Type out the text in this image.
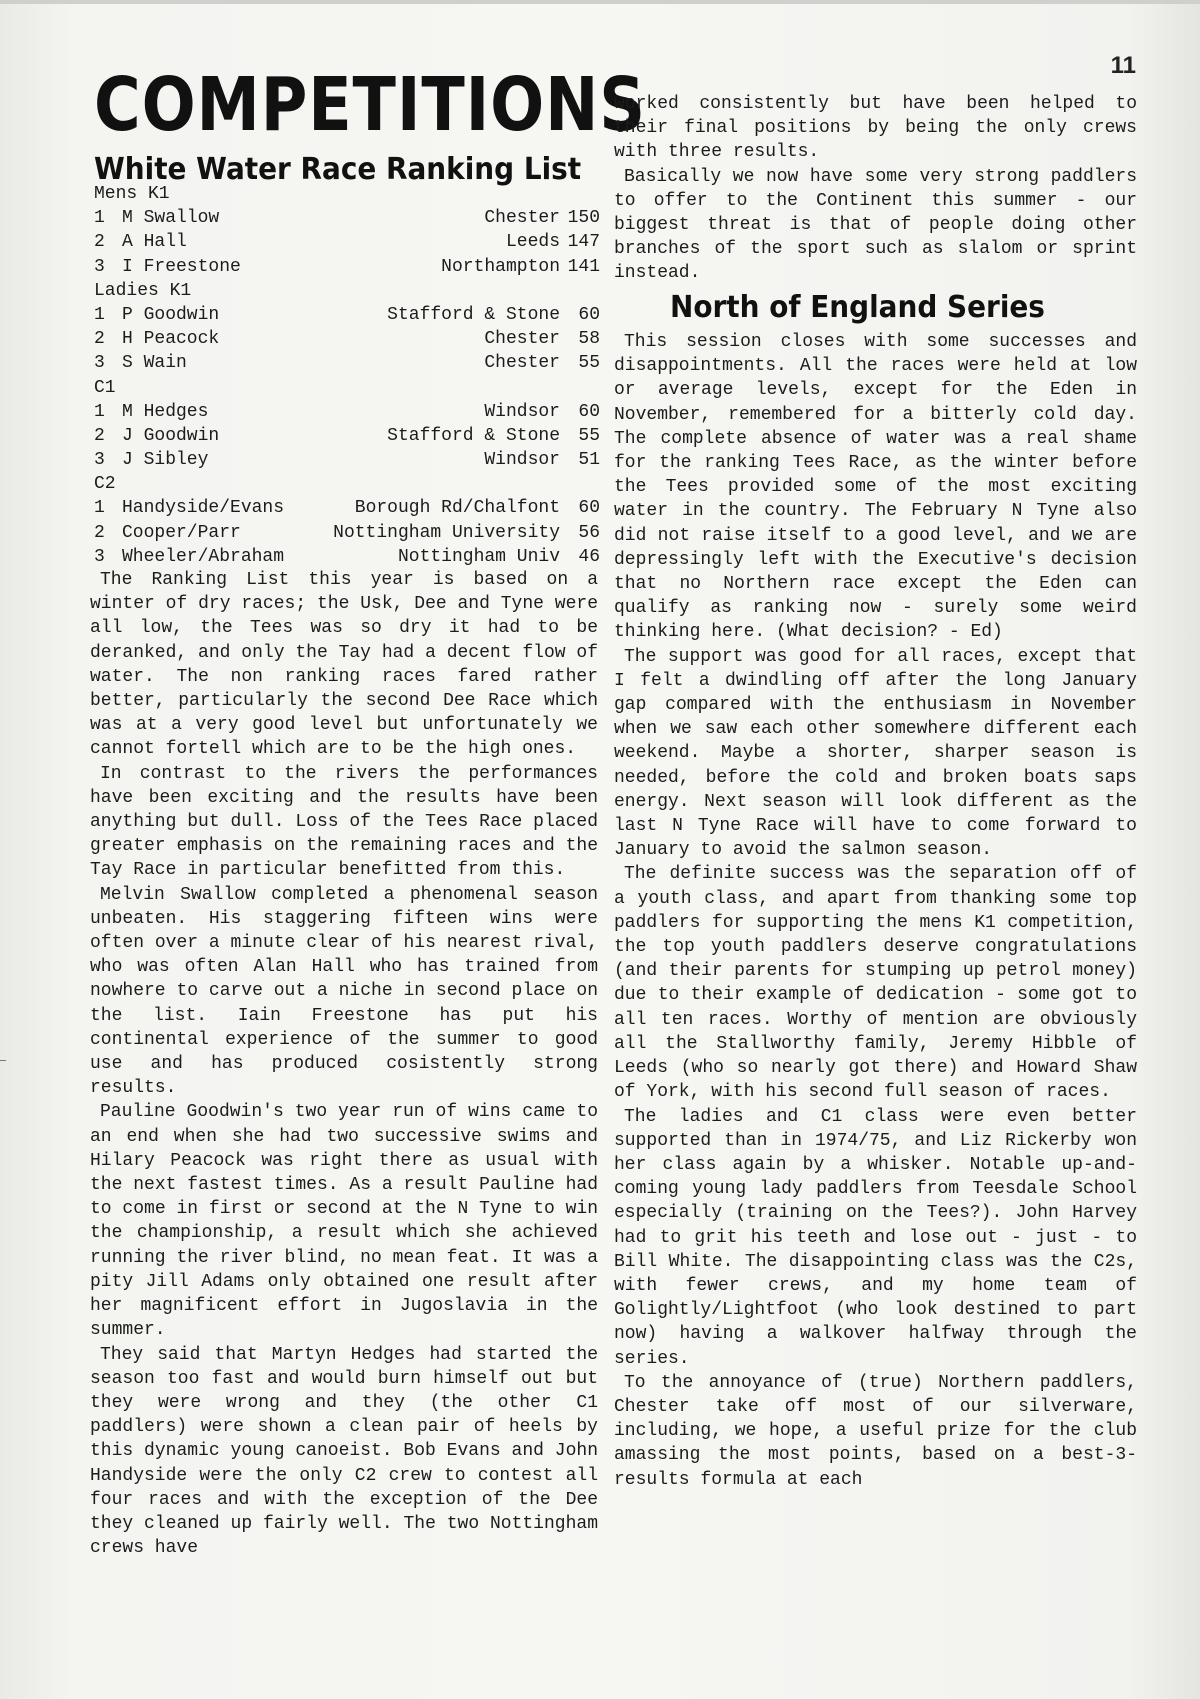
11
COMPETITIONS
White Water Race Ranking List
Mens K1
1 M Swallow	Chester 150
2 A Hall	Leeds 147
3 I Freestone	Northampton 141
Ladies K1
1 P Goodwin	Stafford & Stone	60
2 H Peacock	Chester	58
3 S Wain	Chester	55
C1
1 M Hedges	Windsor	60
2 J Goodwin	Stafford & Stone	55
3 J Sibley	Windsor	51
C2
1 Handyside/Evans	Borough Rd/Chalfont	60
2 Cooper/Parr	Nottingham University	56
3 Wheeler/Abraham	Nottingham Univ	46

The Ranking List this year is based on a winter of dry races; the Usk, Dee and Tyne were all low, the Tees was so dry it had to be deranked, and only the Tay had a decent flow of water. The non ranking races fared rather better, particularly the second Dee Race which was at a very good level but unfortunately we cannot fortell which are to be the high ones.

In contrast to the rivers the performances have been exciting and the results have been anything but dull. Loss of the Tees Race placed greater emphasis on the remaining races and the Tay Race in particular benefitted from this.

Melvin Swallow completed a phenomenal season unbeaten. His staggering fifteen wins were often over a minute clear of his nearest rival, who was often Alan Hall who has trained from nowhere to carve out a niche in second place on the list. Iain Freestone has put his continental experience of the summer to good use and has produced cosistently strong results.

Pauline Goodwin's two year run of wins came to an end when she had two successive swims and Hilary Peacock was right there as usual with the next fastest times. As a result Pauline had to come in first or second at the N Tyne to win the championship, a result which she achieved running the river blind, no mean feat. It was a pity Jill Adams only obtained one result after her magnificent effort in Jugoslavia in the summer.

They said that Martyn Hedges had started the season too fast and would burn himself out but they were wrong and they (the other C1 paddlers) were shown a clean pair of heels by this dynamic young canoeist. Bob Evans and John Handyside were the only C2 crew to contest all four races and with the exception of the Dee they cleaned up fairly well. The two Nottingham crews have

worked consistently but have been helped to their final positions by being the only crews with three results.

Basically we now have some very strong paddlers to offer to the Continent this summer - our biggest threat is that of people doing other branches of the sport such as slalom or sprint instead.

North of England Series

This session closes with some successes and disappointments. All the races were held at low or average levels, except for the Eden in November, remembered for a bitterly cold day. The complete absence of water was a real shame for the ranking Tees Race, as the winter before the Tees provided some of the most exciting water in the country. The February N Tyne also did not raise itself to a good level, and we are depressingly left with the Executive's decision that no Northern race except the Eden can qualify as ranking now - surely some weird thinking here. (What decision? - Ed)

The support was good for all races, except that I felt a dwindling off after the long January gap compared with the enthusiasm in November when we saw each other somewhere different each weekend. Maybe a shorter, sharper season is needed, before the cold and broken boats saps energy. Next season will look different as the last N Tyne Race will have to come forward to January to avoid the salmon season.

The definite success was the separation off of a youth class, and apart from thanking some top paddlers for supporting the mens K1 competition, the top youth paddlers deserve congratulations (and their parents for stumping up petrol money) due to their example of dedication - some got to all ten races. Worthy of mention are obviously all the Stallworthy family, Jeremy Hibble of Leeds (who so nearly got there) and Howard Shaw of York, with his second full season of races.

The ladies and C1 class were even better supported than in 1974/75, and Liz Rickerby won her class again by a whisker. Notable up-and-coming young lady paddlers from Teesdale School especially (training on the Tees?). John Harvey had to grit his teeth and lose out - just - to Bill White. The disappointing class was the C2s, with fewer crews, and my home team of Golightly/Lightfoot (who look destined to part now) having a walkover halfway through the series.

To the annoyance of (true) Northern paddlers, Chester take off most of our silverware, including, we hope, a useful prize for the club amassing the most points, based on a best-3-results formula at each
